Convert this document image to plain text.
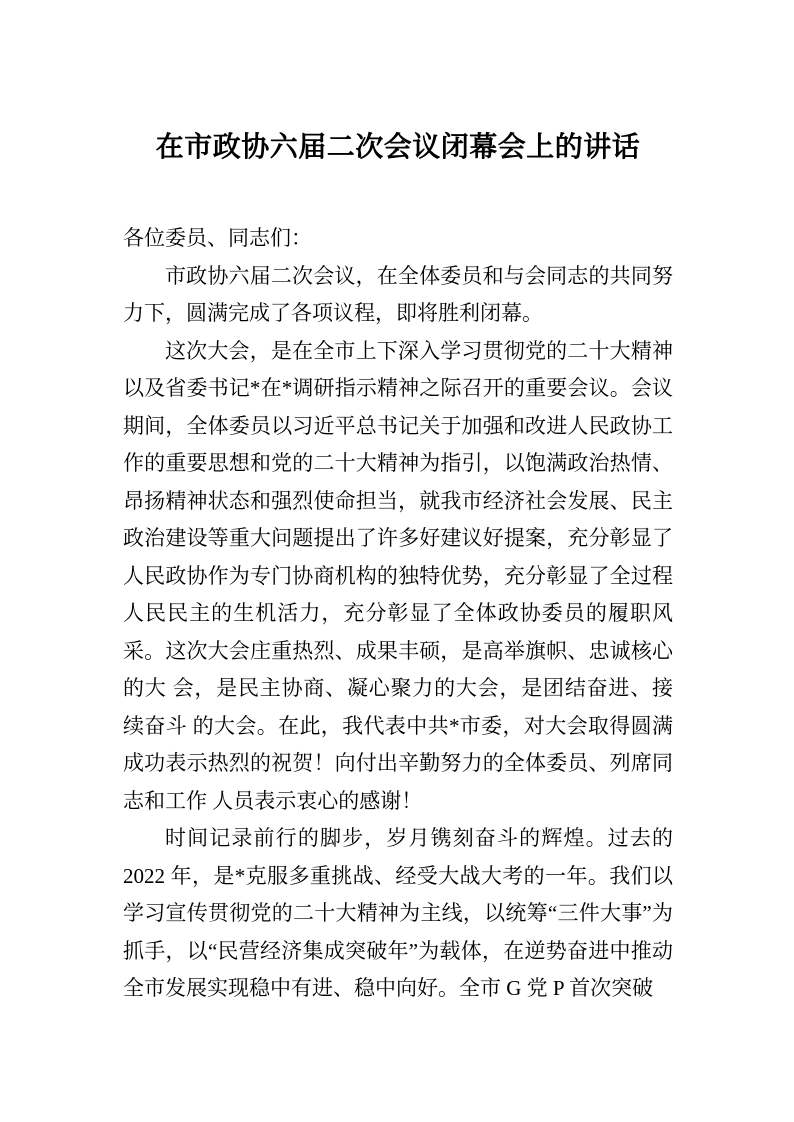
在市政协六届二次会议闭幕会上的讲话

各位委员、同志们：

市政协六届二次会议，在全体委员和与会同志的共同努力下，圆满完成了各项议程，即将胜利闭幕。

这次大会，是在全市上下深入学习贯彻党的二十大精神以及省委书记*在*调研指示精神之际召开的重要会议。会议期间，全体委员以习近平总书记关于加强和改进人民政协工作的重要思想和党的二十大精神为指引，以饱满政治热情、昂扬精神状态和强烈使命担当，就我市经济社会发展、民主 政治建设等重大问题提出了许多好建议好提案，充分彰显了 人民政协作为专门协商机构的独特优势，充分彰显了全过程 人民民主的生机活力，充分彰显了全体政协委员的履职风采。这次大会庄重热烈、成果丰硕，是高举旗帜、忠诚核心的大 会，是民主协商、凝心聚力的大会，是团结奋进、接续奋斗 的大会。在此，我代表中共*市委，对大会取得圆满成功表示热烈的祝贺！向付出辛勤努力的全体委员、列席同志和工作 人员表示衷心的感谢！

时间记录前行的脚步，岁月镌刻奋斗的辉煌。过去的2022 年，是*克服多重挑战、经受大战大考的一年。我们以学习宣传贯彻党的二十大精神为主线，以统筹“三件大事”为抓手，以“民营经济集成突破年”为载体，在逆势奋进中推动全市发展实现稳中有进、稳中向好。全市 G 党 P 首次突破
